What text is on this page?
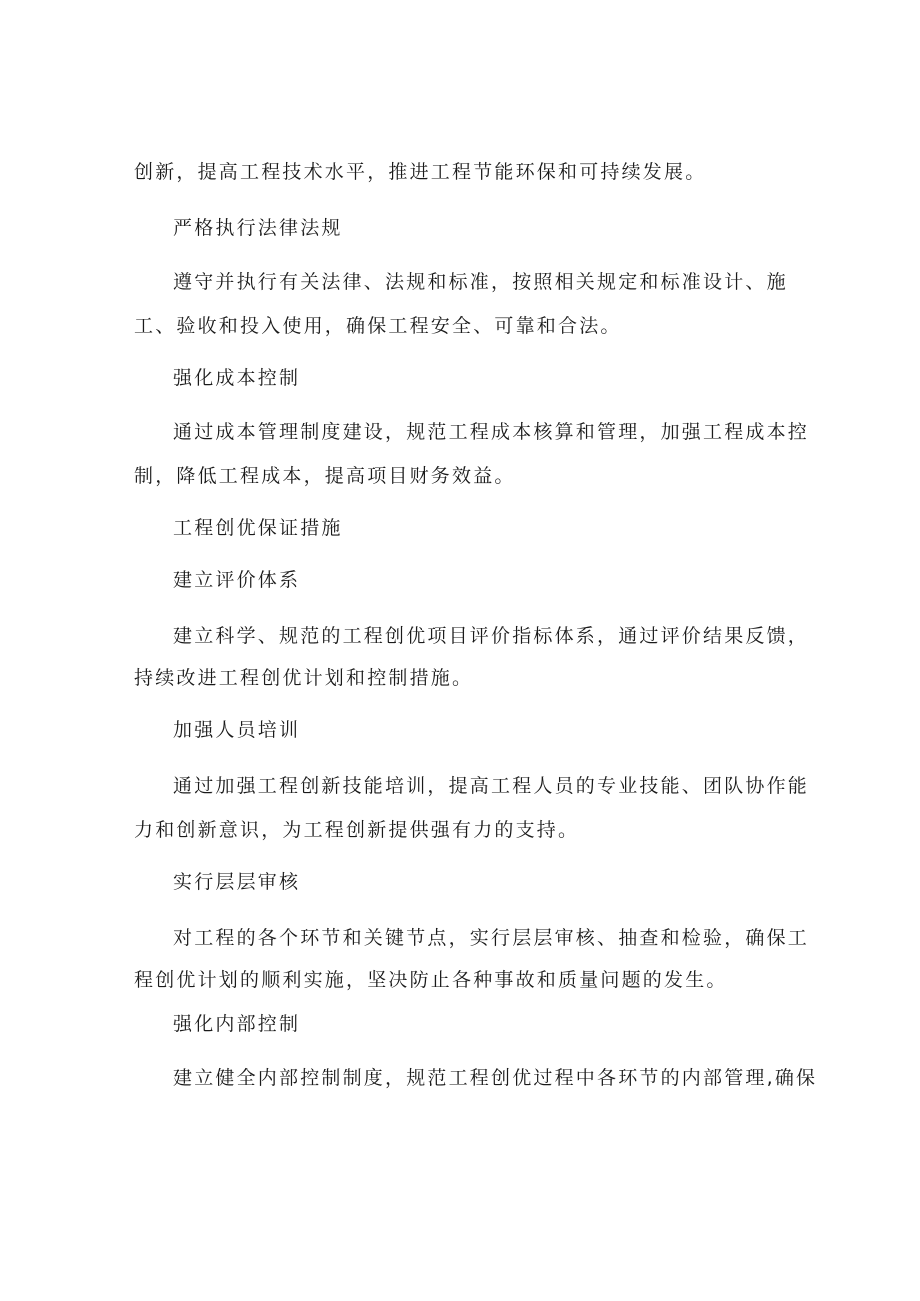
创新，提高工程技术水平，推进工程节能环保和可持续发展。
严格执行法律法规
遵守并执行有关法律、法规和标准，按照相关规定和标准设计、施
工、验收和投入使用，确保工程安全、可靠和合法。
强化成本控制
通过成本管理制度建设，规范工程成本核算和管理，加强工程成本控
制，降低工程成本，提高项目财务效益。
工程创优保证措施
建立评价体系
建立科学、规范的工程创优项目评价指标体系，通过评价结果反馈，
持续改进工程创优计划和控制措施。
加强人员培训
通过加强工程创新技能培训，提高工程人员的专业技能、团队协作能
力和创新意识，为工程创新提供强有力的支持。
实行层层审核
对工程的各个环节和关键节点，实行层层审核、抽查和检验，确保工
程创优计划的顺利实施，坚决防止各种事故和质量问题的发生。
强化内部控制
建立健全内部控制制度，规范工程创优过程中各环节的内部管理,确保
